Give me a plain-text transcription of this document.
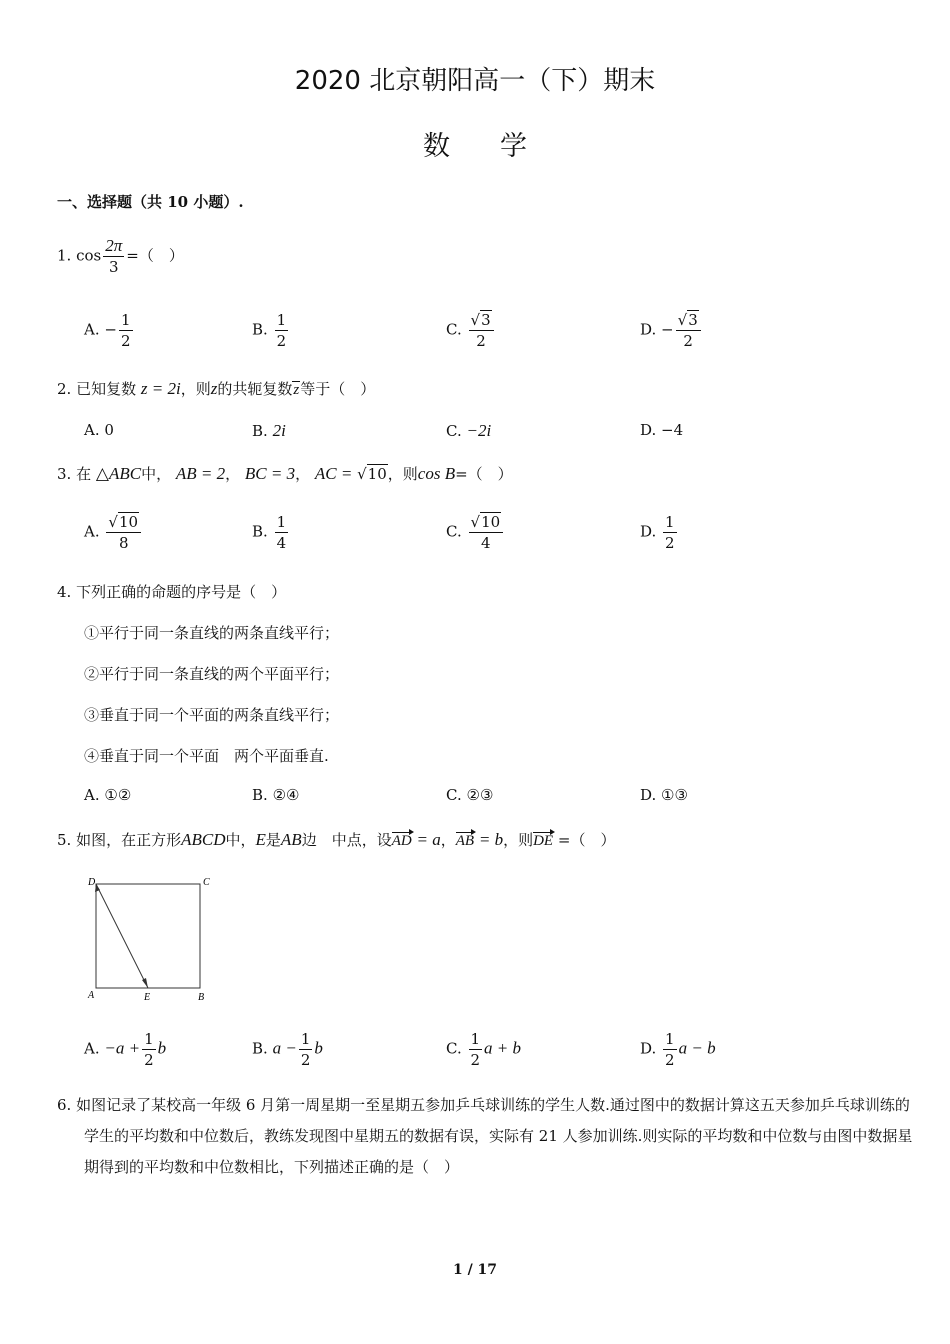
2020 北京朝阳高一（下）期末
数学
一、选择题（共 10 小题）.
1. $\cos \frac{2\pi}{3}$ =（　）
A. − $\frac{1}{2}$	B. $\frac{1}{2}$	C. $\frac{√3}{2}$	D. − $\frac{√3}{2}$
2. 已知复数 z = 2i，则z的共轭复数z等于（　）
A. 0	B. 2i	C. −2i	D. −4
3. 在 △ABC中， AB = 2， BC = 3， AC = √10，则cos B=（　）
A. $\frac{√10}{8}$	B. $\frac{1}{4}$	C. $\frac{√10}{4}$	D. $\frac{1}{2}$
4. 下列正确的命题的序号是（　）
①平行于同一条直线的两条直线平行；
②平行于同一条直线的两个平面平行；
③垂直于同一个平面的两条直线平行；
④垂直于同一个平面　两个平面垂直.
A. ①②	B. ②④	C. ②③	D. ①③
5. 如图，在正方形ABCD中，E是AB边　中点，设AD = a，AB = b，则DE =（　）
D	C
A	E	B
A. $-a + \frac{1}{2}$ b	B. $a - \frac{1}{2}$ b	C. $\frac{1}{2}$ a + b	D. $\frac{1}{2}$ a − b
6. 如图记录了某校高一年级 6 月第一周星期一至星期五参加乒乓球训练的学生人数.通过图中的数据计算这五天参加乒乓球训练的学生的平均数和中位数后，教练发现图中星期五的数据有误，实际有 21 人参加训练.则实际的平均数和中位数与由图中数据星期得到的平均数和中位数相比，下列描述正确的是（　）
1 / 17
